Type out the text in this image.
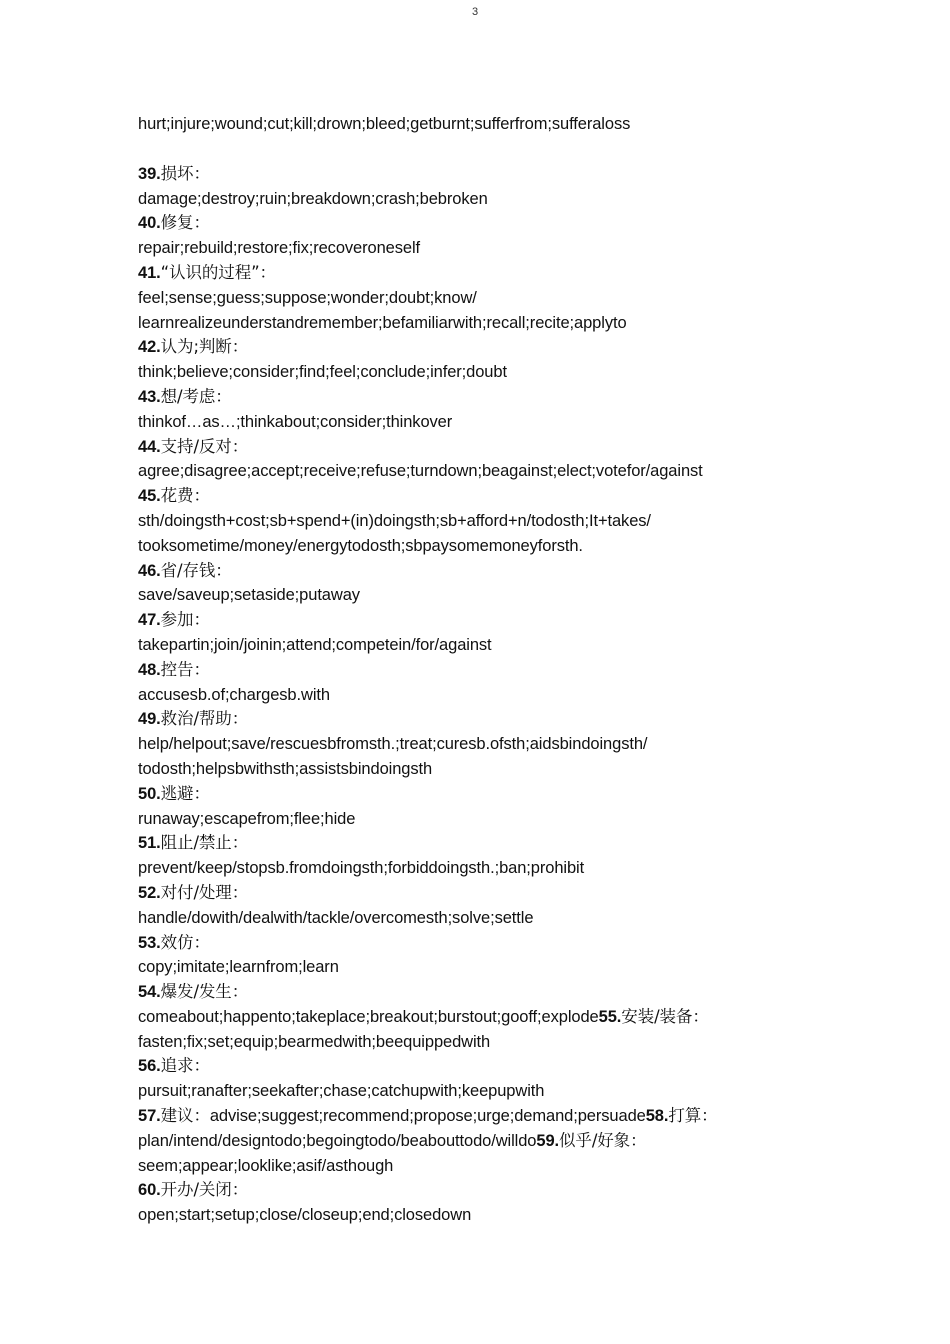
3
hurt;injure;wound;cut;kill;drown;bleed;getburnt;sufferfrom;sufferaloss
39.损坏：
damage;destroy;ruin;breakdown;crash;bebroken
40.修复：
repair;rebuild;restore;fix;recoveroneself
41.“认识的过程”：
feel;sense;guess;suppose;wonder;doubt;know/
learnrealizeunderstandremember;befamiliarwith;recall;recite;applyto
42.认为;判断：
think;believe;consider;find;feel;conclude;infer;doubt
43.想/考虑：
thinkof…as…;thinkabout;consider;thinkover
44.支持/反对：
agree;disagree;accept;receive;refuse;turndown;beagainst;elect;votefor/against
45.花费：
sth/doingsth+cost;sb+spend+(in)doingsth;sb+afford+n/todosth;It+takes/
tooksometime/money/energytodosth;sbpaysomemoneyforsth.
46.省/存钱：
save/saveup;setaside;putaway
47.参加：
takepartin;join/joinin;attend;competein/for/against
48.控告：
accusesb.of;chargesb.with
49.救治/帮助：
help/helpout;save/rescuesbfromsth.;treat;curesb.ofsth;aidsbindoingsth/
todosth;helpsbwithsth;assistsbindoingsth
50.逃避：
runaway;escapefrom;flee;hide
51.阻止/禁止：
prevent/keep/stopsb.fromdoingsth;forbiddoingsth.;ban;prohibit
52.对付/处理：
handle/dowith/dealwith/tackle/overcomesth;solve;settle
53.效仿：
copy;imitate;learnfrom;learn
54.爆发/发生：
comeabout;happento;takeplace;breakout;burstout;gooff;explode55.安装/装备：
fasten;fix;set;equip;bearmedwith;beequippedwith
56.追求：
pursuit;ranafter;seekafter;chase;catchupwith;keepupwith
57.建议：advise;suggest;recommend;propose;urge;demand;persuade58.打算：
plan/intend/designtodo;begoingtodo/beabouttodo/willdo59.似乎/好象：
seem;appear;looklike;asif/asthough
60.开办/关闭：
open;start;setup;close/closeup;end;closedown
